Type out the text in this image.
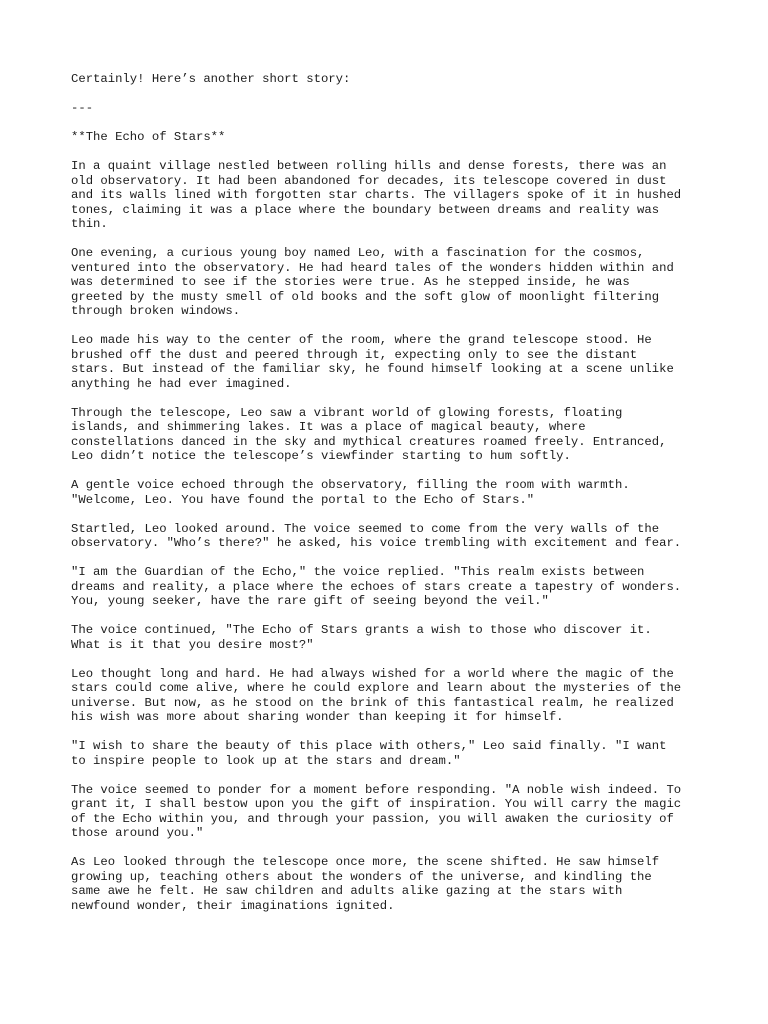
Certainly! Here’s another short story:

---

**The Echo of Stars**

In a quaint village nestled between rolling hills and dense forests, there was an
old observatory. It had been abandoned for decades, its telescope covered in dust
and its walls lined with forgotten star charts. The villagers spoke of it in hushed
tones, claiming it was a place where the boundary between dreams and reality was
thin.

One evening, a curious young boy named Leo, with a fascination for the cosmos,
ventured into the observatory. He had heard tales of the wonders hidden within and
was determined to see if the stories were true. As he stepped inside, he was
greeted by the musty smell of old books and the soft glow of moonlight filtering
through broken windows.

Leo made his way to the center of the room, where the grand telescope stood. He
brushed off the dust and peered through it, expecting only to see the distant
stars. But instead of the familiar sky, he found himself looking at a scene unlike
anything he had ever imagined.

Through the telescope, Leo saw a vibrant world of glowing forests, floating
islands, and shimmering lakes. It was a place of magical beauty, where
constellations danced in the sky and mythical creatures roamed freely. Entranced,
Leo didn’t notice the telescope’s viewfinder starting to hum softly.

A gentle voice echoed through the observatory, filling the room with warmth.
"Welcome, Leo. You have found the portal to the Echo of Stars."

Startled, Leo looked around. The voice seemed to come from the very walls of the
observatory. "Who’s there?" he asked, his voice trembling with excitement and fear.

"I am the Guardian of the Echo," the voice replied. "This realm exists between
dreams and reality, a place where the echoes of stars create a tapestry of wonders.
You, young seeker, have the rare gift of seeing beyond the veil."

The voice continued, "The Echo of Stars grants a wish to those who discover it.
What is it that you desire most?"

Leo thought long and hard. He had always wished for a world where the magic of the
stars could come alive, where he could explore and learn about the mysteries of the
universe. But now, as he stood on the brink of this fantastical realm, he realized
his wish was more about sharing wonder than keeping it for himself.

"I wish to share the beauty of this place with others," Leo said finally. "I want
to inspire people to look up at the stars and dream."

The voice seemed to ponder for a moment before responding. "A noble wish indeed. To
grant it, I shall bestow upon you the gift of inspiration. You will carry the magic
of the Echo within you, and through your passion, you will awaken the curiosity of
those around you."

As Leo looked through the telescope once more, the scene shifted. He saw himself
growing up, teaching others about the wonders of the universe, and kindling the
same awe he felt. He saw children and adults alike gazing at the stars with
newfound wonder, their imaginations ignited.
